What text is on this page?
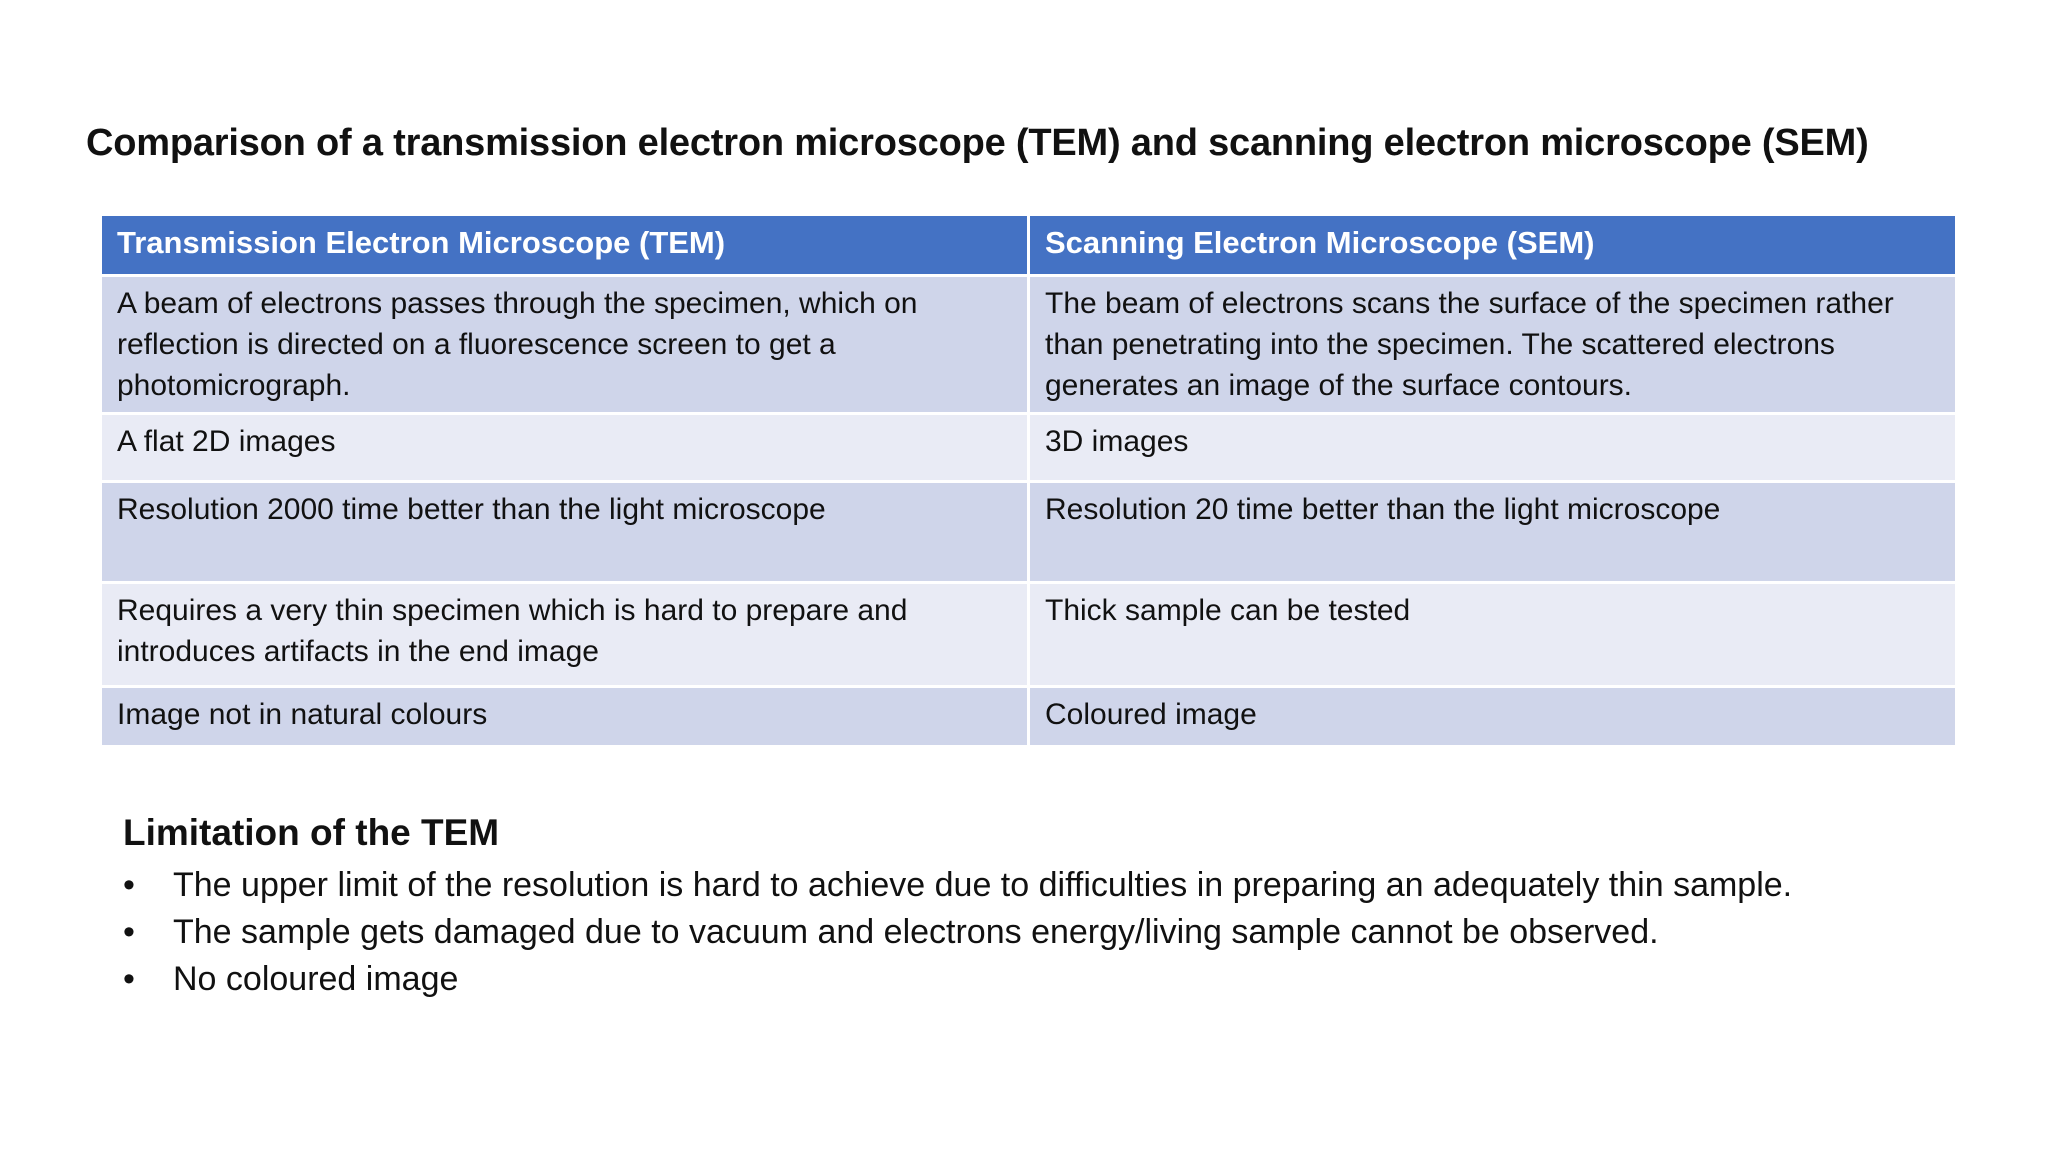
Comparison of a transmission electron microscope (TEM) and scanning electron microscope (SEM)
Transmission Electron Microscope (TEM)	Scanning Electron Microscope (SEM)
A beam of electrons passes through the specimen, which on reflection is directed on a fluorescence screen to get a photomicrograph.	The beam of electrons scans the surface of the specimen rather than penetrating into the specimen. The scattered electrons generates an image of the surface contours.
A flat 2D images	3D images
Resolution 2000 time better than the light microscope	Resolution 20 time better than the light microscope
Requires a very thin specimen which is hard to prepare and introduces artifacts in the end image	Thick sample can be tested
Image not in natural colours	Coloured image
Limitation of the TEM
• The upper limit of the resolution is hard to achieve due to difficulties in preparing an adequately thin sample.
• The sample gets damaged due to vacuum and electrons energy/living sample cannot be observed.
• No coloured image
